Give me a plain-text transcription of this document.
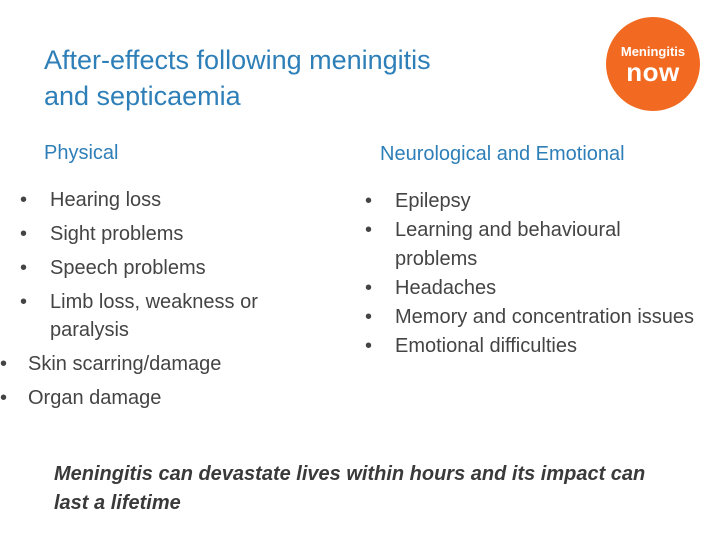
After-effects following meningitis
and septicaemia
Meningitis
now
Physical
• Hearing loss
• Sight problems
• Speech problems
• Limb loss, weakness or paralysis
• Skin scarring/damage
• Organ damage
Neurological and Emotional
• Epilepsy
• Learning and behavioural problems
• Headaches
• Memory and concentration issues
• Emotional difficulties

Meningitis can devastate lives within hours and its impact can last a lifetime
